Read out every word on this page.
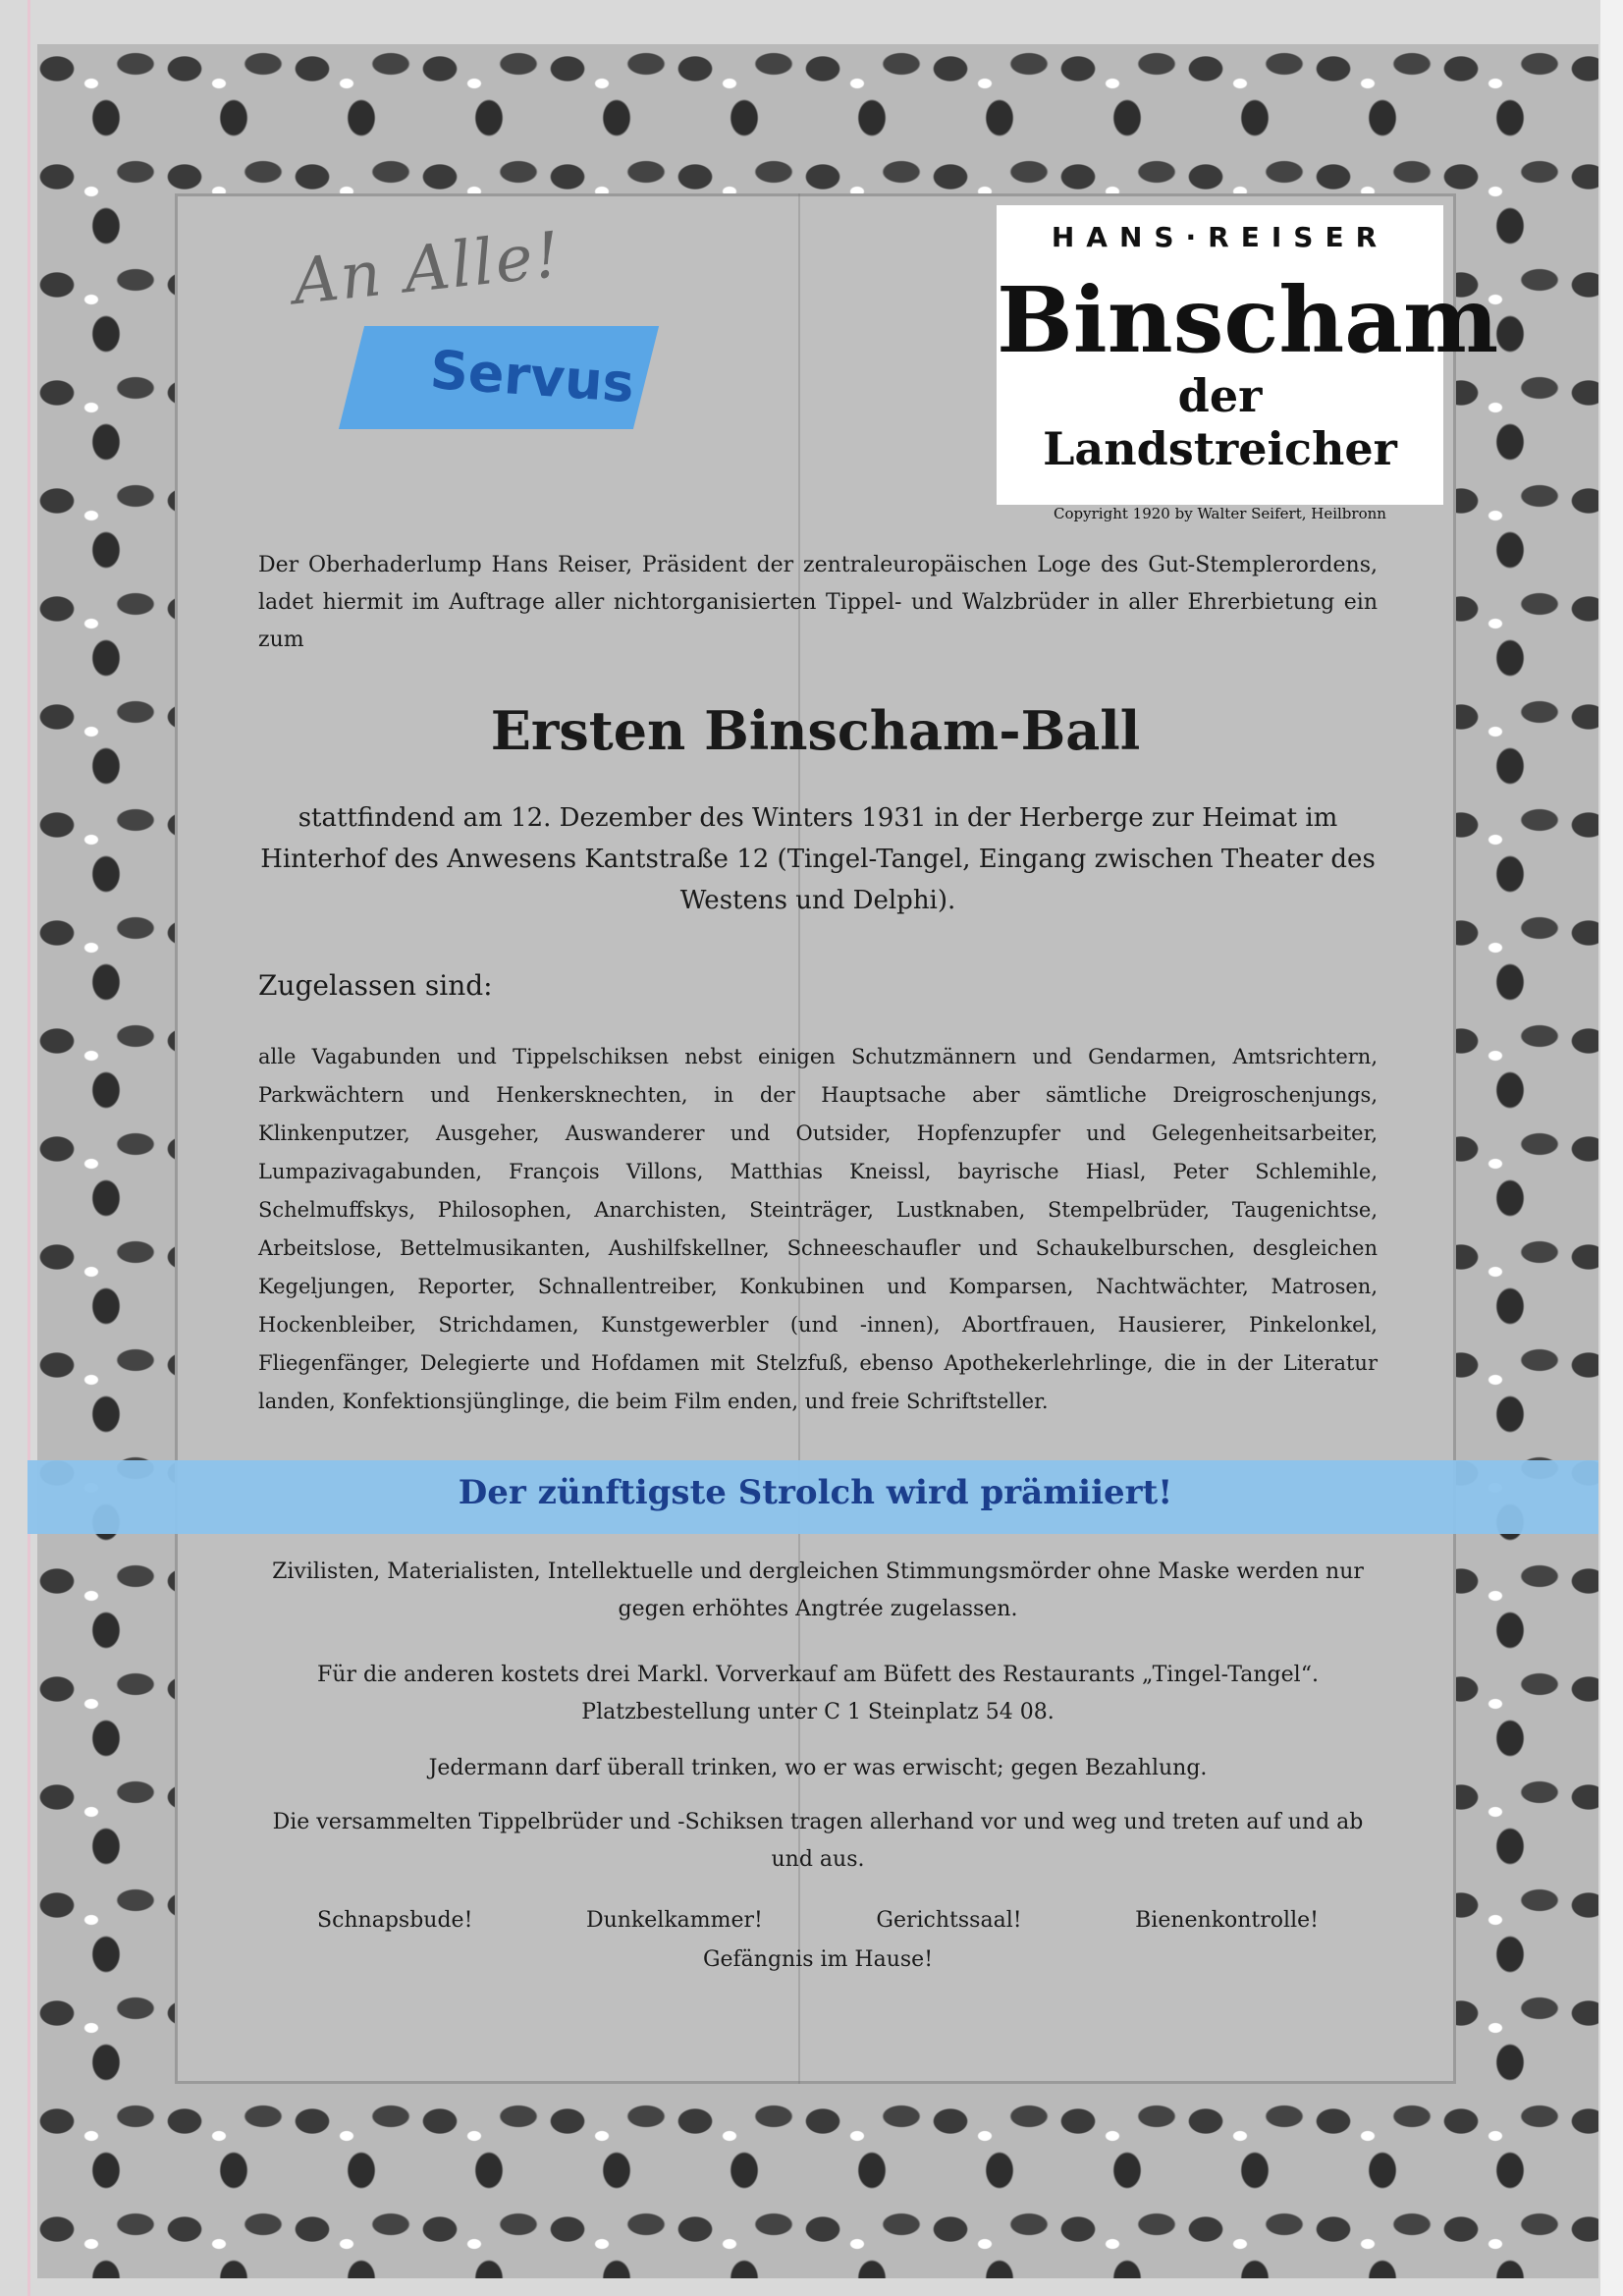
An Alle!
Servus
HANS·REISER
Binscham
der Landstreicher
Copyright 1920 by Walter Seifert, Heilbronn
Der Oberhaderlump Hans Reiser, Präsident der zentraleuropäischen Loge des Gut-Stemplerordens, ladet hiermit im Auftrage aller nichtorganisierten Tippel- und Walzbrüder in aller Ehrerbietung ein zum
Ersten Binscham-Ball
stattfindend am 12. Dezember des Winters 1931 in der Herberge zur Heimat im Hinterhof des Anwesens Kantstraße 12 (Tingel-Tangel, Eingang zwischen Theater des Westens und Delphi).
Zugelassen sind:
alle Vagabunden und Tippelschiksen nebst einigen Schutzmännern und Gendarmen, Amtsrichtern, Parkwächtern und Henkersknechten, in der Hauptsache aber sämtliche Dreigroschenjungs, Klinkenputzer, Ausgeher, Auswanderer und Outsider, Hopfenzupfer und Gelegenheitsarbeiter, Lumpazivagabunden, François Villons, Matthias Kneissl, bayrische Hiasl, Peter Schlemihle, Schelmuffskys, Philosophen, Anarchisten, Steinträger, Lustknaben, Stempelbrüder, Taugenichtse, Arbeitslose, Bettelmusikanten, Aushilfskellner, Schneeschaufler und Schaukelburschen, desgleichen Kegeljungen, Reporter, Schnallentreiber, Konkubinen und Komparsen, Nachtwächter, Matrosen, Hockenbleiber, Strichdamen, Kunstgewerbler (und -innen), Abortfrauen, Hausierer, Pinkelonkel, Fliegenfänger, Delegierte und Hofdamen mit Stelzfuß, ebenso Apothekerlehrlinge, die in der Literatur landen, Konfektionsjünglinge, die beim Film enden, und freie Schriftsteller.
Der zünftigste Strolch wird prämiiert!
Zivilisten, Materialisten, Intellektuelle und dergleichen Stimmungsmörder ohne Maske werden nur gegen erhöhtes Angtrée zugelassen.
Für die anderen kostets drei Markl. Vorverkauf am Büfett des Restaurants „Tingel-Tangel“. Platzbestellung unter C 1 Steinplatz 54 08.
Jedermann darf überall trinken, wo er was erwischt; gegen Bezahlung.
Die versammelten Tippelbrüder und -Schiksen tragen allerhand vor und weg und treten auf und ab und aus.
Schnapsbude!	Dunkelkammer!	Gerichtssaal!	Bienenkontrolle!
Gefängnis im Hause!
